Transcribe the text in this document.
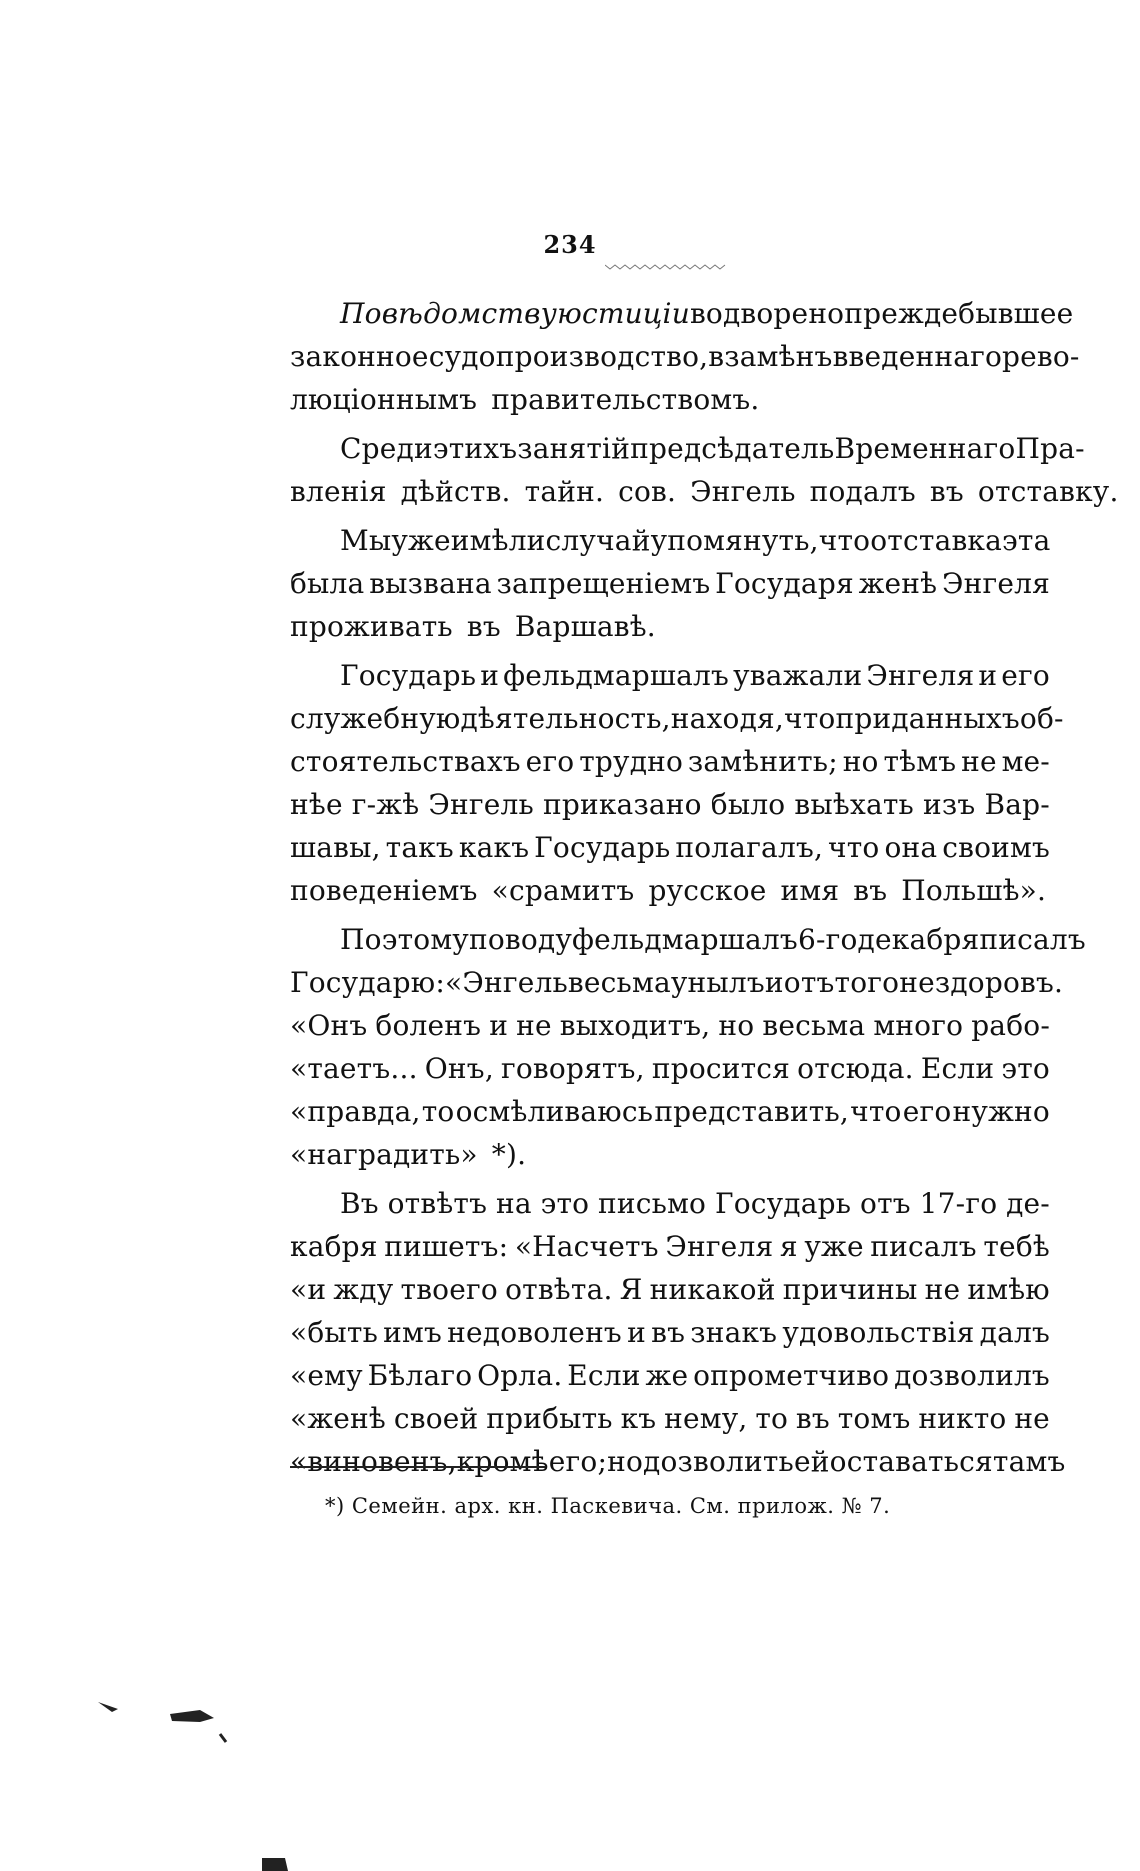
234
По вѣдомству юстиціи водворено прежде бывшее
законное судопроизводство, взамѣнъ введеннаго рево-
люціоннымъ правительствомъ.
Среди этихъ занятій предсѣдатель Временнаго Пра-
вленія дѣйств. тайн. сов. Энгель подалъ въ отставку.
Мы уже имѣли случай упомянуть, что отставка эта
была вызвана запрещеніемъ Государя женѣ Энгеля
проживать въ Варшавѣ.
Государь и фельдмаршалъ уважали Энгеля и его
служебную дѣятельность, находя, что при данныхъ об-
стоятельствахъ его трудно замѣнить; но тѣмъ не ме-
нѣе г-жѣ Энгель приказано было выѣхать изъ Вар-
шавы, такъ какъ Государь полагалъ, что она своимъ
поведеніемъ «срамитъ русское имя въ Польшѣ».
По этому поводу фельдмаршалъ 6-го декабря писалъ
Государю: «Энгель весьма унылъ и отъ того нездоровъ.
«Онъ боленъ и не выходитъ, но весьма много рабо-
«таетъ... Онъ, говорятъ, просится отсюда. Если это
«правда, то осмѣливаюсь представить, что его нужно
«наградить» *).
Въ отвѣтъ на это письмо Государь отъ 17-го де-
кабря пишетъ: «Насчетъ Энгеля я уже писалъ тебѣ
«и жду твоего отвѣта. Я никакой причины не имѣю
«быть имъ недоволенъ и въ знакъ удовольствія далъ
«ему Бѣлаго Орла. Если же опрометчиво дозволилъ
«женѣ своей прибыть къ нему, то въ томъ никто не
«виновенъ, кромѣ его; но дозволить ей оставаться тамъ
*) Семейн. арх. кн. Паскевича. См. прилож. № 7.
